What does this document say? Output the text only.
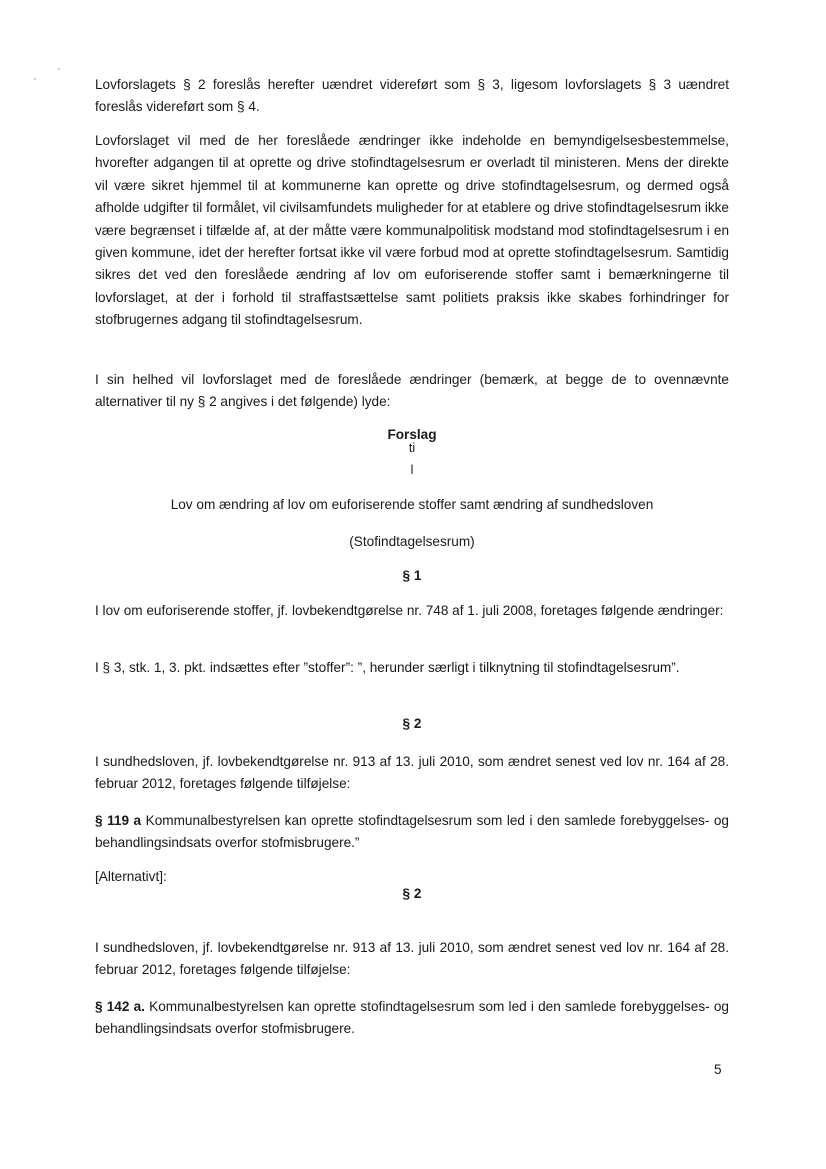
Lovforslagets § 2 foreslås herefter uændret videreført som § 3, ligesom lovforslagets § 3 uændret foreslås videreført som § 4.

Lovforslaget vil med de her foreslåede ændringer ikke indeholde en bemyndigelsesbestemmelse, hvorefter adgangen til at oprette og drive stofindtagelsesrum er overladt til ministeren. Mens der direkte vil være sikret hjemmel til at kommunerne kan oprette og drive stofindtagelsesrum, og dermed også afholde udgifter til formålet, vil civilsamfundets muligheder for at etablere og drive stofindtagelsesrum ikke være begrænset i tilfælde af, at der måtte være kommunalpolitisk modstand mod stofindtagelsesrum i en given kommune, idet der herefter fortsat ikke vil være forbud mod at oprette stofindtagelsesrum. Samtidig sikres det ved den foreslåede ændring af lov om euforiserende stoffer samt i bemærkningerne til lovforslaget, at der i forhold til straffastsættelse samt politiets praksis ikke skabes forhindringer for stofbrugernes adgang til stofindtagelsesrum.

I sin helhed vil lovforslaget med de foreslåede ændringer (bemærk, at begge de to ovennævnte alternativer til ny § 2 angives i det følgende) lyde:

Forslag
ti
l
Lov om ændring af lov om euforiserende stoffer samt ændring af sundhedsloven
(Stofindtagelsesrum)
§ 1

I lov om euforiserende stoffer, jf. lovbekendtgørelse nr. 748 af 1. juli 2008, foretages følgende ændringer:

I § 3, stk. 1, 3. pkt. indsættes efter ”stoffer”: ”, herunder særligt i tilknytning til stofindtagelsesrum”.

§ 2

I sundhedsloven, jf. lovbekendtgørelse nr. 913 af 13. juli 2010, som ændret senest ved lov nr. 164 af 28. februar 2012, foretages følgende tilføjelse:

§ 119 a Kommunalbestyrelsen kan oprette stofindtagelsesrum som led i den samlede forebyggelses- og behandlingsindsats overfor stofmisbrugere.”

[Alternativt]:

§ 2

I sundhedsloven, jf. lovbekendtgørelse nr. 913 af 13. juli 2010, som ændret senest ved lov nr. 164 af 28. februar 2012, foretages følgende tilføjelse:

§ 142 a. Kommunalbestyrelsen kan oprette stofindtagelsesrum som led i den samlede forebyggelses- og behandlingsindsats overfor stofmisbrugere.

5
